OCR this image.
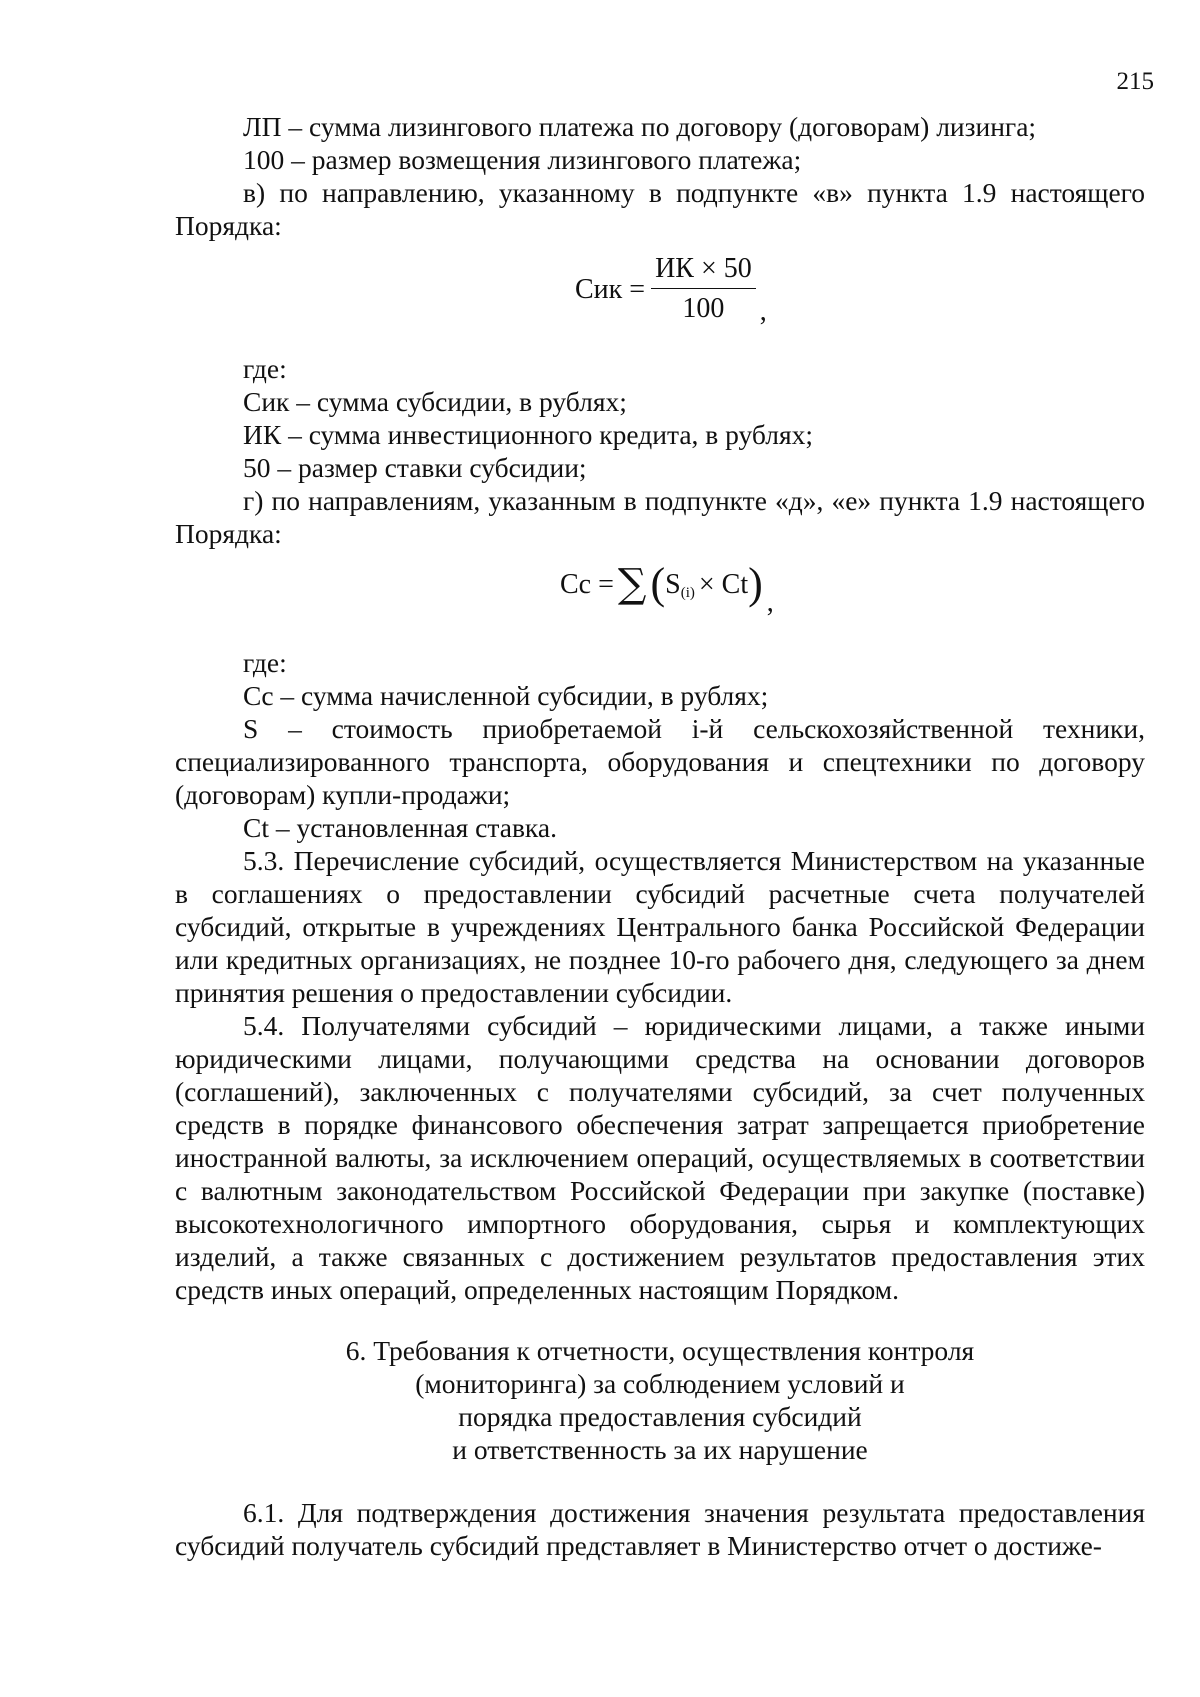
215

ЛП – сумма лизингового платежа по договору (договорам) лизинга;

100 – размер возмещения лизингового платежа;

в) по направлению, указанному в подпункте «в» пункта 1.9 настоящего Порядка:

Сик = $\frac{ИК \times 50}{100}$ ,

где:

Сик – сумма субсидии, в рублях;

ИК – сумма инвестиционного кредита, в рублях;

50 – размер ставки субсидии;

г) по направлениям, указанным в подпункте «д», «е» пункта 1.9 настоящего Порядка:

Cc = ∑ ( S (i) × Ct ) ,

где:

Cc – сумма начисленной субсидии, в рублях;

S – стоимость приобретаемой i-й сельскохозяйственной техники, специализированного транспорта, оборудования и спецтехники по договору (договорам) купли-продажи;

Ct – установленная ставка.

5.3. Перечисление субсидий, осуществляется Министерством на указанные в соглашениях о предоставлении субсидий расчетные счета получателей субсидий, открытые в учреждениях Центрального банка Российской Федерации или кредитных организациях, не позднее 10-го рабочего дня, следующего за днем принятия решения о предоставлении субсидии.

5.4. Получателями субсидий – юридическими лицами, а также иными юридическими лицами, получающими средства на основании договоров (соглашений), заключенных с получателями субсидий, за счет полученных средств в порядке финансового обеспечения затрат запрещается приобретение иностранной валюты, за исключением операций, осуществляемых в соответствии с валютным законодательством Российской Федерации при закупке (поставке) высокотехнологичного импортного оборудования, сырья и комплектующих изделий, а также связанных с достижением результатов предоставления этих средств иных операций, определенных настоящим Порядком.

6. Требования к отчетности, осуществления контроля
(мониторинга) за соблюдением условий и
порядка предоставления субсидий
и ответственность за их нарушение

6.1. Для подтверждения достижения значения результата предоставления субсидий получатель субсидий представляет в Министерство отчет о достиже-
